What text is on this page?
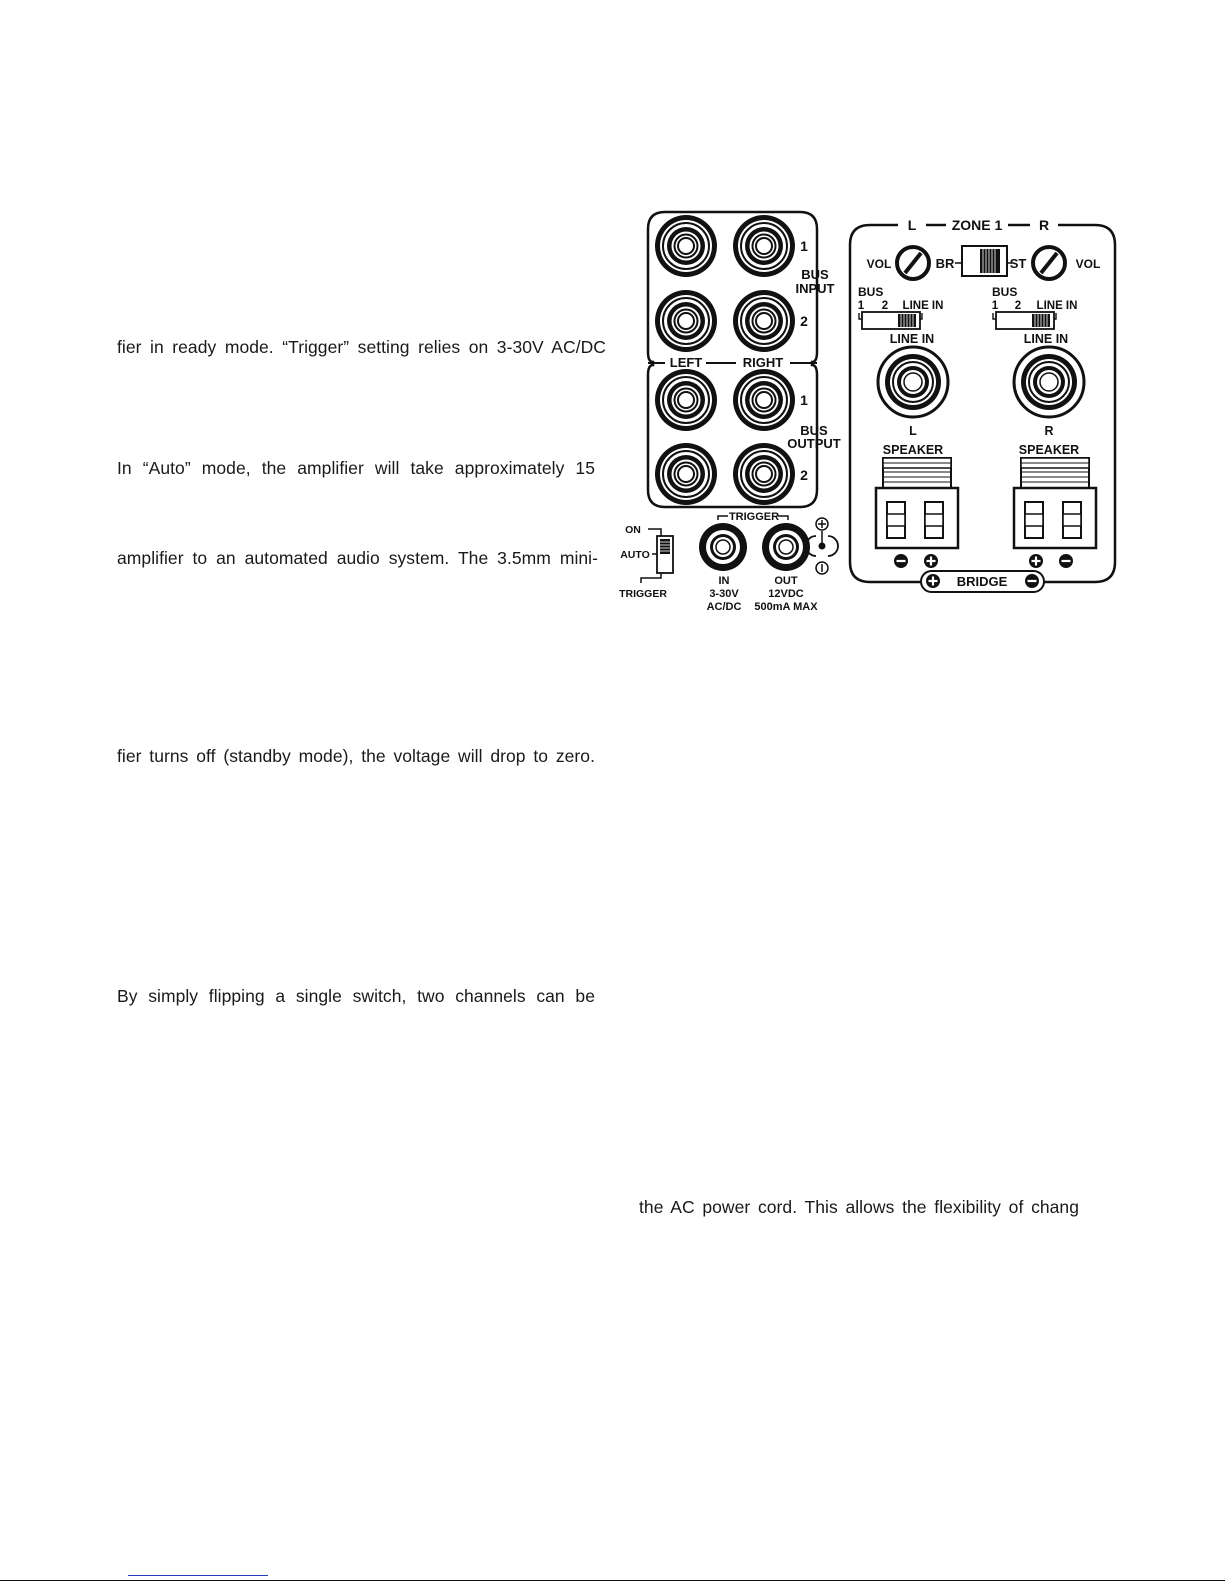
fier in ready mode. “Trigger” setting relies on 3-30V AC/DC
In “Auto” mode, the amplifier will take approximately 15
amplifier to an automated audio system. The 3.5mm mini-
fier turns off (standby mode), the voltage will drop to zero.
By simply flipping a single switch, two channels can be
the AC power cord. This allows the flexibility of chang
1
2
BUS
INPUT
LEFT	RIGHT
1
2
BUS
OUTPUT
TRIGGER
ON
AUTO
TRIGGER
IN
3-30V
AC/DC
OUT
12VDC
500mA MAX
L	ZONE 1	R
VOL	BR	ST	VOL
BUS
1 2 LINE IN
BUS
1 2 LINE IN
LINE IN	LINE IN
L
SPEAKER
R
SPEAKER
BRIDGE
